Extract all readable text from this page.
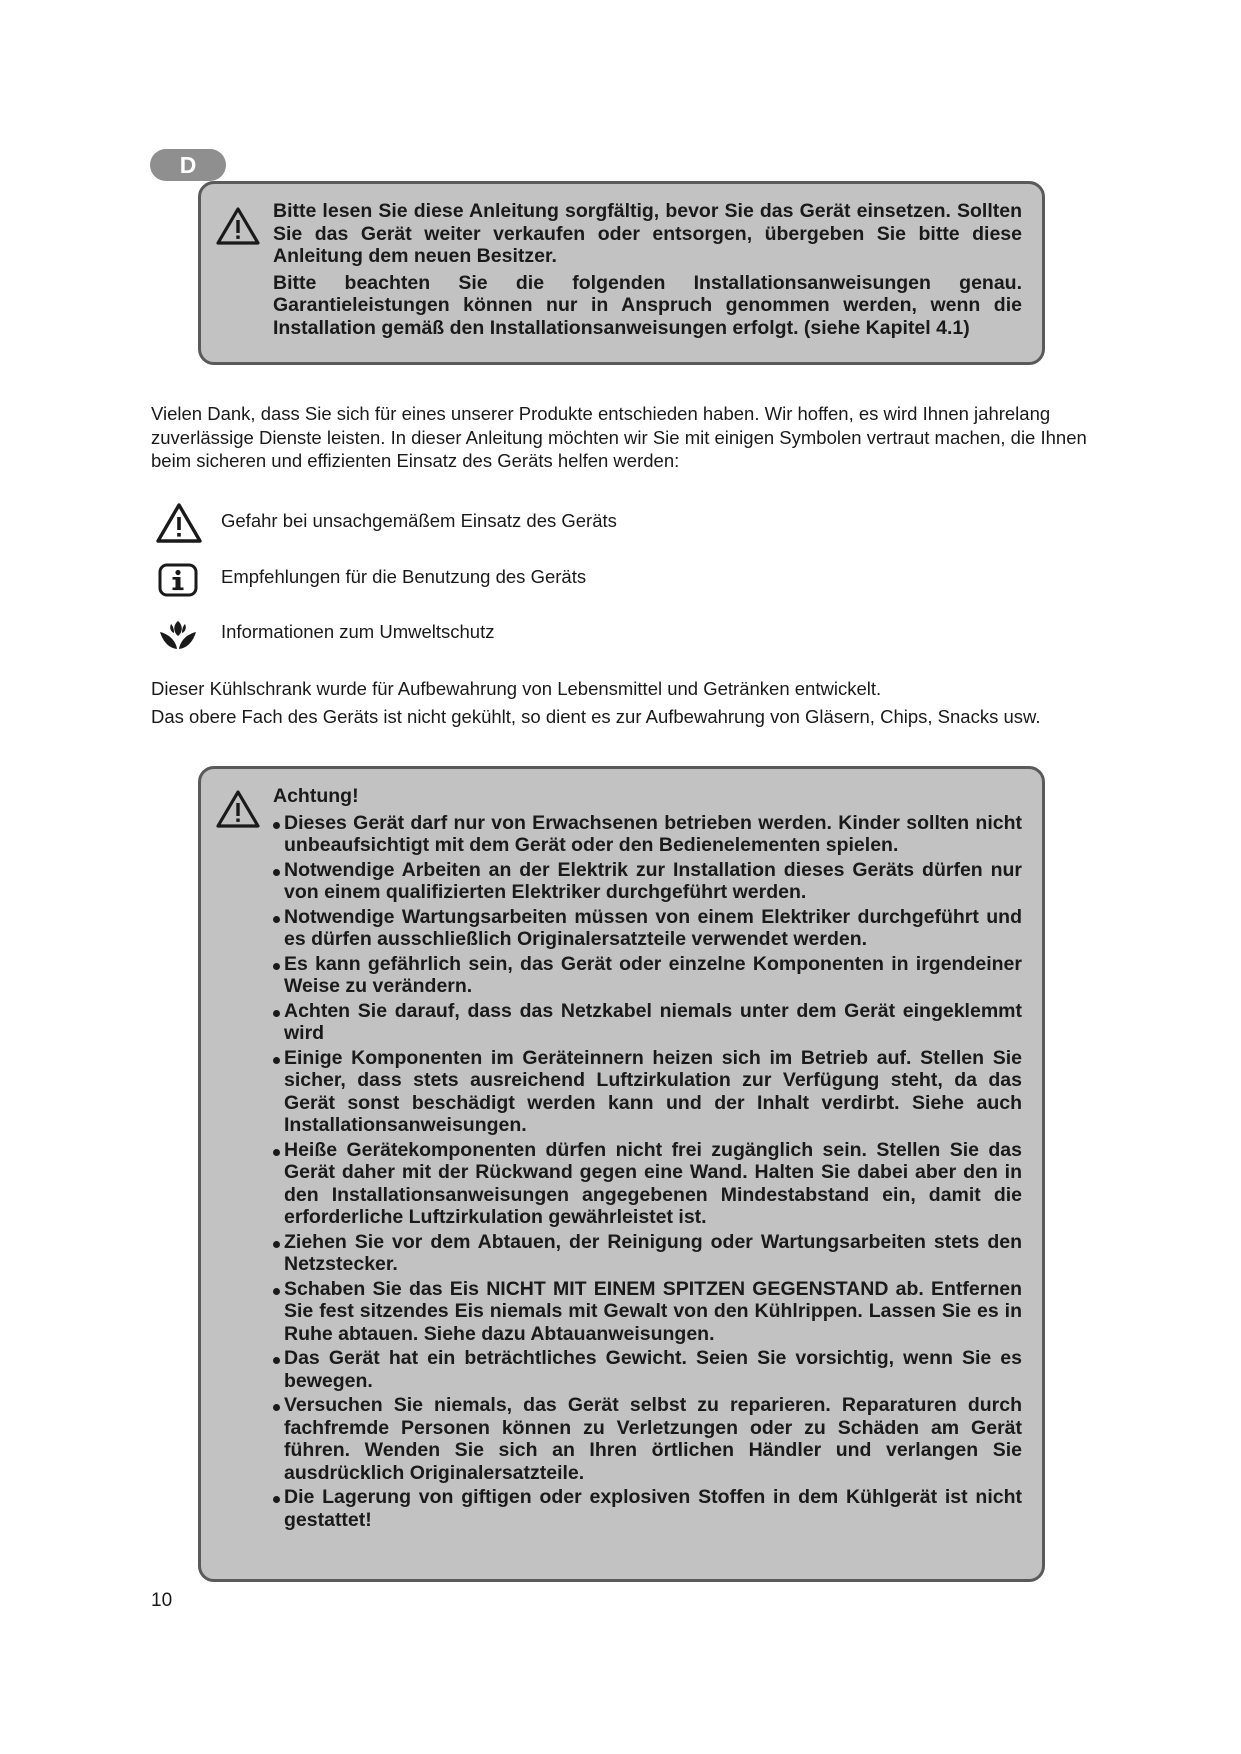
D

Bitte lesen Sie diese Anleitung sorgfältig, bevor Sie das Gerät einsetzen. Sollten Sie das Gerät weiter verkaufen oder entsorgen, übergeben Sie bitte diese Anleitung dem neuen Besitzer.

Bitte beachten Sie die folgenden Installationsanweisungen genau. Garantieleistungen können nur in Anspruch genommen werden, wenn die Installation gemäß den Installationsanweisungen erfolgt. (siehe Kapitel 4.1)

Vielen Dank, dass Sie sich für eines unserer Produkte entschieden haben. Wir hoffen, es wird Ihnen jahrelang zuverlässige Dienste leisten. In dieser Anleitung möchten wir Sie mit einigen Symbolen vertraut machen, die Ihnen beim sicheren und effizienten Einsatz des Geräts helfen werden:

Gefahr bei unsachgemäßem Einsatz des Geräts
Empfehlungen für die Benutzung des Geräts
Informationen zum Umweltschutz

Dieser Kühlschrank wurde für Aufbewahrung von Lebensmittel und Getränken entwickelt.

Das obere Fach des Geräts ist nicht gekühlt, so dient es zur Aufbewahrung von Gläsern, Chips, Snacks usw.

Achtung!

Dieses Gerät darf nur von Erwachsenen betrieben werden. Kinder sollten nicht unbeaufsichtigt mit dem Gerät oder den Bedienelementen spielen.
Notwendige Arbeiten an der Elektrik zur Installation dieses Geräts dürfen nur von einem qualifizierten Elektriker durchgeführt werden.
Notwendige Wartungsarbeiten müssen von einem Elektriker durchgeführt und es dürfen ausschließlich Originalersatzteile verwendet werden.
Es kann gefährlich sein, das Gerät oder einzelne Komponenten in irgendeiner Weise zu verändern.
Achten Sie darauf, dass das Netzkabel niemals unter dem Gerät eingeklemmt wird
Einige Komponenten im Geräteinnern heizen sich im Betrieb auf. Stellen Sie sicher, dass stets ausreichend Luftzirkulation zur Verfügung steht, da das Gerät sonst beschädigt werden kann und der Inhalt verdirbt. Siehe auch Installationsanweisungen.
Heiße Gerätekomponenten dürfen nicht frei zugänglich sein. Stellen Sie das Gerät daher mit der Rückwand gegen eine Wand. Halten Sie dabei aber den in den Installationsanweisungen angegebenen Mindestabstand ein, damit die erforderliche Luftzirkulation gewährleistet ist.
Ziehen Sie vor dem Abtauen, der Reinigung oder Wartungsarbeiten stets den Netzstecker.
Schaben Sie das Eis NICHT MIT EINEM SPITZEN GEGENSTAND ab. Entfernen Sie fest sitzendes Eis niemals mit Gewalt von den Kühlrippen. Lassen Sie es in Ruhe abtauen. Siehe dazu Abtauanweisungen.
Das Gerät hat ein beträchtliches Gewicht. Seien Sie vorsichtig, wenn Sie es bewegen.
Versuchen Sie niemals, das Gerät selbst zu reparieren. Reparaturen durch fachfremde Personen können zu Verletzungen oder zu Schäden am Gerät führen. Wenden Sie sich an Ihren örtlichen Händler und verlangen Sie ausdrücklich Originalersatzteile.
Die Lagerung von giftigen oder explosiven Stoffen in dem Kühlgerät ist nicht gestattet!
10
